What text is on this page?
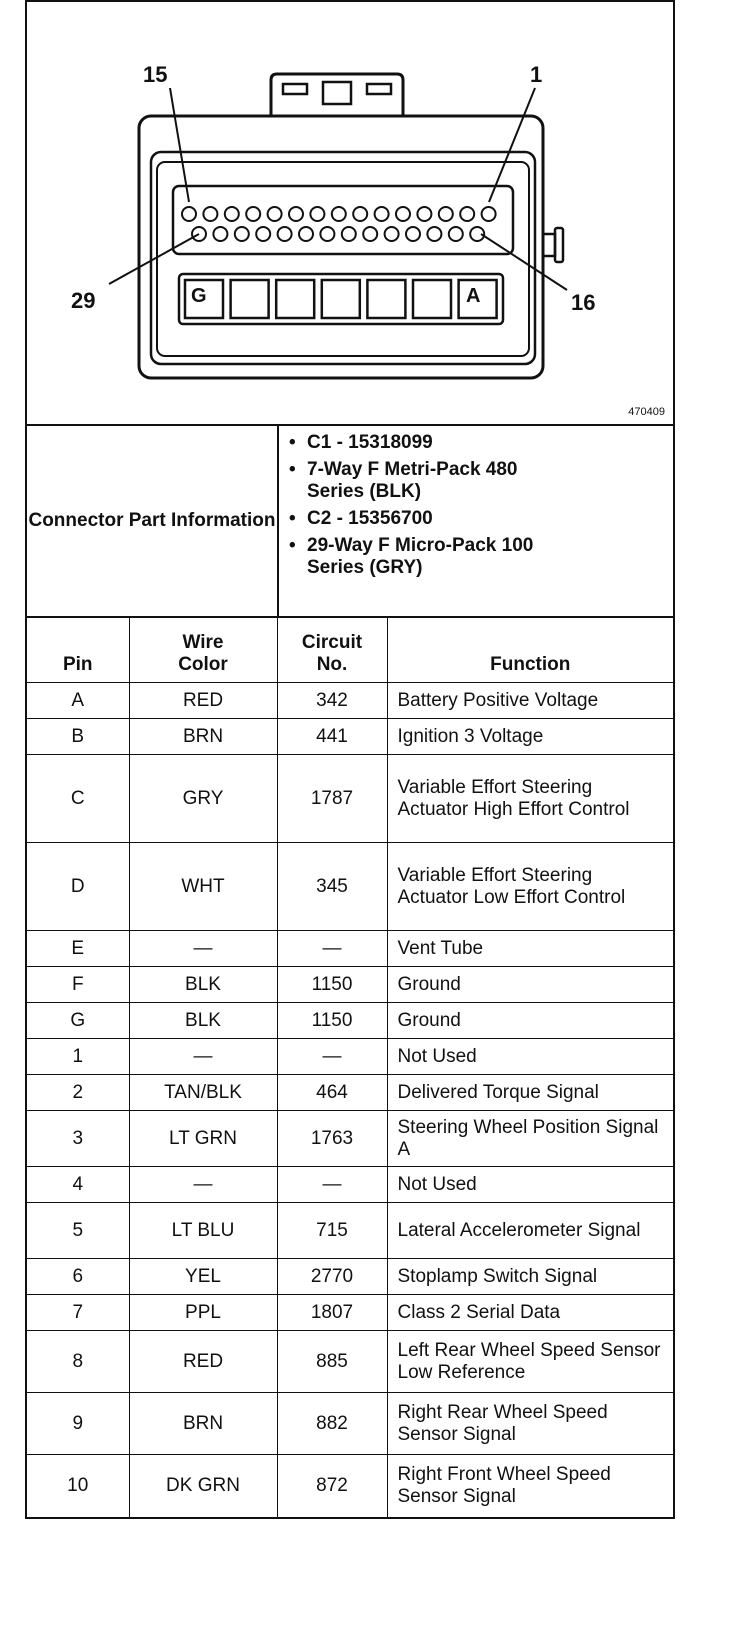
15	1
29	16
G	A
470409
Connector Part Information
• C1 - 15318099
• 7-Way F Metri-Pack 480 Series (BLK)
• C2 - 15356700
• 29-Way F Micro-Pack 100 Series (GRY)
Pin	Wire Color	Circuit No.	Function
A	RED	342	Battery Positive Voltage
B	BRN	441	Ignition 3 Voltage
C	GRY	1787	Variable Effort Steering Actuator High Effort Control
D	WHT	345	Variable Effort Steering Actuator Low Effort Control
E	—	—	Vent Tube
F	BLK	1150	Ground
G	BLK	1150	Ground
1	—	—	Not Used
2	TAN/BLK	464	Delivered Torque Signal
3	LT GRN	1763	Steering Wheel Position Signal A
4	—	—	Not Used
5	LT BLU	715	Lateral Accelerometer Signal
6	YEL	2770	Stoplamp Switch Signal
7	PPL	1807	Class 2 Serial Data
8	RED	885	Left Rear Wheel Speed Sensor Low Reference
9	BRN	882	Right Rear Wheel Speed Sensor Signal
10	DK GRN	872	Right Front Wheel Speed Sensor Signal
